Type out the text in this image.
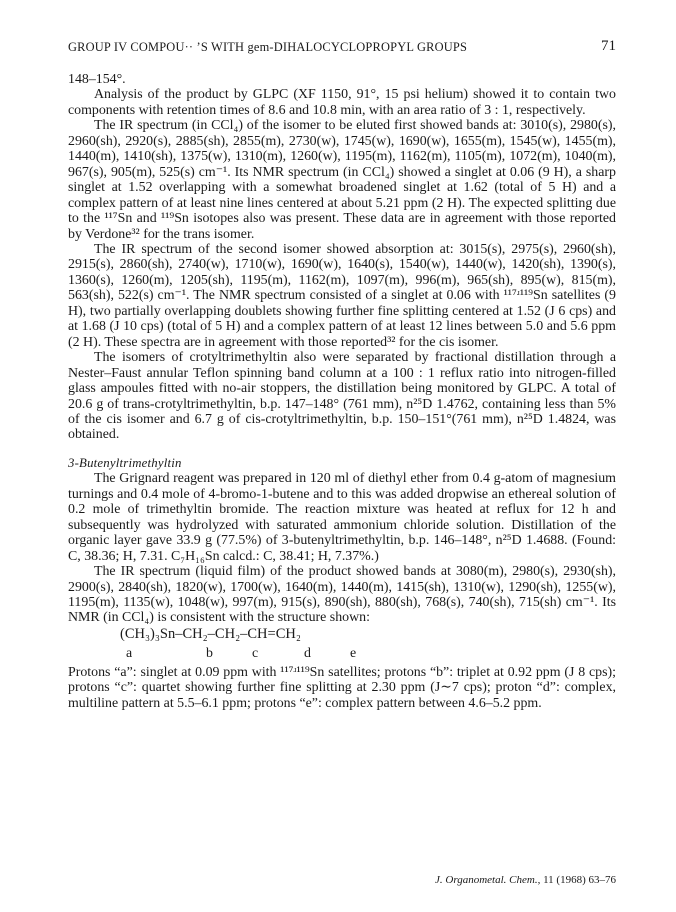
GROUP IV COMPOU·· ʼS WITH gem-DIHALOCYCLOPROPYL GROUPS	71

148–154°.

Analysis of the product by GLPC (XF 1150, 91°, 15 psi helium) showed it to contain two components with retention times of 8.6 and 10.8 min, with an area ratio of 3 : 1, respectively.

The IR spectrum (in CCl₄) of the isomer to be eluted first showed bands at: 3010(s), 2980(s), 2960(sh), 2920(s), 2885(sh), 2855(m), 2730(w), 1745(w), 1690(w), 1655(m), 1545(w), 1455(m), 1440(m), 1410(sh), 1375(w), 1310(m), 1260(w), 1195(m), 1162(m), 1105(m), 1072(m), 1040(m), 967(s), 905(m), 525(s) cm⁻¹. Its NMR spectrum (in CCl₄) showed a singlet at 0.06 (9 H), a sharp singlet at 1.52 overlapping with a somewhat broadened singlet at 1.62 (total of 5 H) and a complex pattern of at least nine lines centered at about 5.21 ppm (2 H). The expected splitting due to the ¹¹⁷Sn and ¹¹⁹Sn isotopes also was present. These data are in agreement with those reported by Verdone³² for the trans isomer.

The IR spectrum of the second isomer showed absorption at: 3015(s), 2975(s), 2960(sh), 2915(s), 2860(sh), 2740(w), 1710(w), 1690(w), 1640(s), 1540(w), 1440(w), 1420(sh), 1390(s), 1360(s), 1260(m), 1205(sh), 1195(m), 1162(m), 1097(m), 996(m), 965(sh), 895(w), 815(m), 563(sh), 522(s) cm⁻¹. The NMR spectrum consisted of a singlet at 0.06 with ¹¹⁷ʴ¹¹⁹Sn satellites (9 H), two partially overlapping doublets showing further fine splitting centered at 1.52 (J 6 cps) and at 1.68 (J 10 cps) (total of 5 H) and a complex pattern of at least 12 lines between 5.0 and 5.6 ppm (2 H). These spectra are in agreement with those reported³² for the cis isomer.

The isomers of crotyltrimethyltin also were separated by fractional distillation through a Nester–Faust annular Teflon spinning band column at a 100 : 1 reflux ratio into nitrogen-filled glass ampoules fitted with no-air stoppers, the distillation being monitored by GLPC. A total of 20.6 g of trans-crotyltrimethyltin, b.p. 147–148° (761 mm), n²⁵D 1.4762, containing less than 5% of the cis isomer and 6.7 g of cis-crotyltrimethyltin, b.p. 150–151°(761 mm), n²⁵D 1.4824, was obtained.

3-Butenyltrimethyltin

The Grignard reagent was prepared in 120 ml of diethyl ether from 0.4 g-atom of magnesium turnings and 0.4 mole of 4-bromo-1-butene and to this was added dropwise an ethereal solution of 0.2 mole of trimethyltin bromide. The reaction mixture was heated at reflux for 12 h and subsequently was hydrolyzed with saturated ammonium chloride solution. Distillation of the organic layer gave 33.9 g (77.5%) of 3-butenyltrimethyltin, b.p. 146–148°, n²⁵D 1.4688. (Found: C, 38.36; H, 7.31. C₇H₁₆Sn calcd.: C, 38.41; H, 7.37%.)

The IR spectrum (liquid film) of the product showed bands at 3080(m), 2980(s), 2930(sh), 2900(s), 2840(sh), 1820(w), 1700(w), 1640(m), 1440(m), 1415(sh), 1310(w), 1290(sh), 1255(w), 1195(m), 1135(w), 1048(w), 997(m), 915(s), 890(sh), 880(sh), 768(s), 740(sh), 715(sh) cm⁻¹. Its NMR (in CCl₄) is consistent with the structure shown:

(CH₃)₃Sn–CH₂–CH₂–CH=CH₂

a	b	c	d	e

Protons “a”: singlet at 0.09 ppm with ¹¹⁷ʴ¹¹⁹Sn satellites; protons “b”: triplet at 0.92 ppm (J 8 cps); protons “c”: quartet showing further fine splitting at 2.30 ppm (J∼7 cps); proton “d”: complex, multiline pattern at 5.5–6.1 ppm; protons “e”: complex pattern between 4.6–5.2 ppm.

J. Organometal. Chem., 11 (1968) 63–76
